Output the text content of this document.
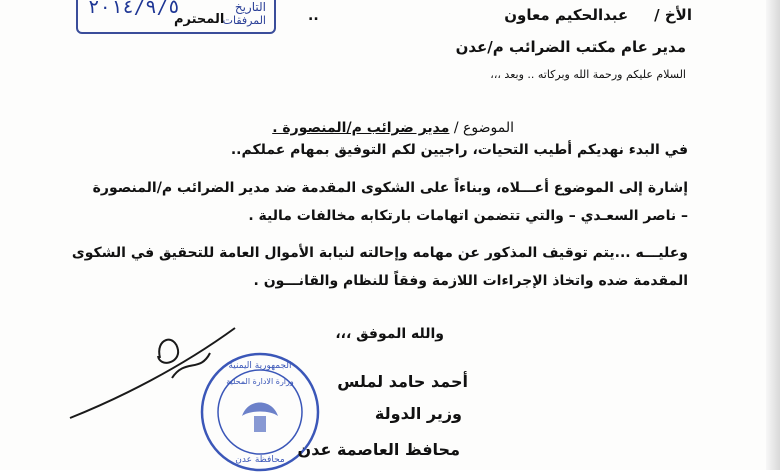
التاريخ
المرفقات
٢٠١٤/٩/٥
المحترم	..	الأخ /عبدالحكيم معاون
مدير عام مكتب الضرائب م/عدن
السلام عليكم ورحمة الله وبركاته .. وبعد ،،،
الموضوع / مدير ضرائب م/المنصورة .
في البدء نهديكم أطيب التحيات، راجيين لكم التوفيق بمهام عملكم..
إشارة إلى الموضوع أعـــلاه، وبناءاً على الشكوى المقدمة ضد مدير الضرائب م/المنصورة
– ناصر السعـدي – والتي تتضمن اتهامات بارتكابه مخالفات مالية .
وعليـــه ...يتم توقيف المذكور عن مهامه وإحالته لنيابة الأموال العامة للتحقيق في الشكوى
المقدمة ضده واتخاذ الإجراءات اللازمة وفقاً للنظام والقانـــون .
والله الموفق ،،،
الجمهورية اليمنية
وزارة الادارة المحلية
محافظة عدن
أحمد حامد لملس
وزير الدولة
محافظ العاصمة عدن
